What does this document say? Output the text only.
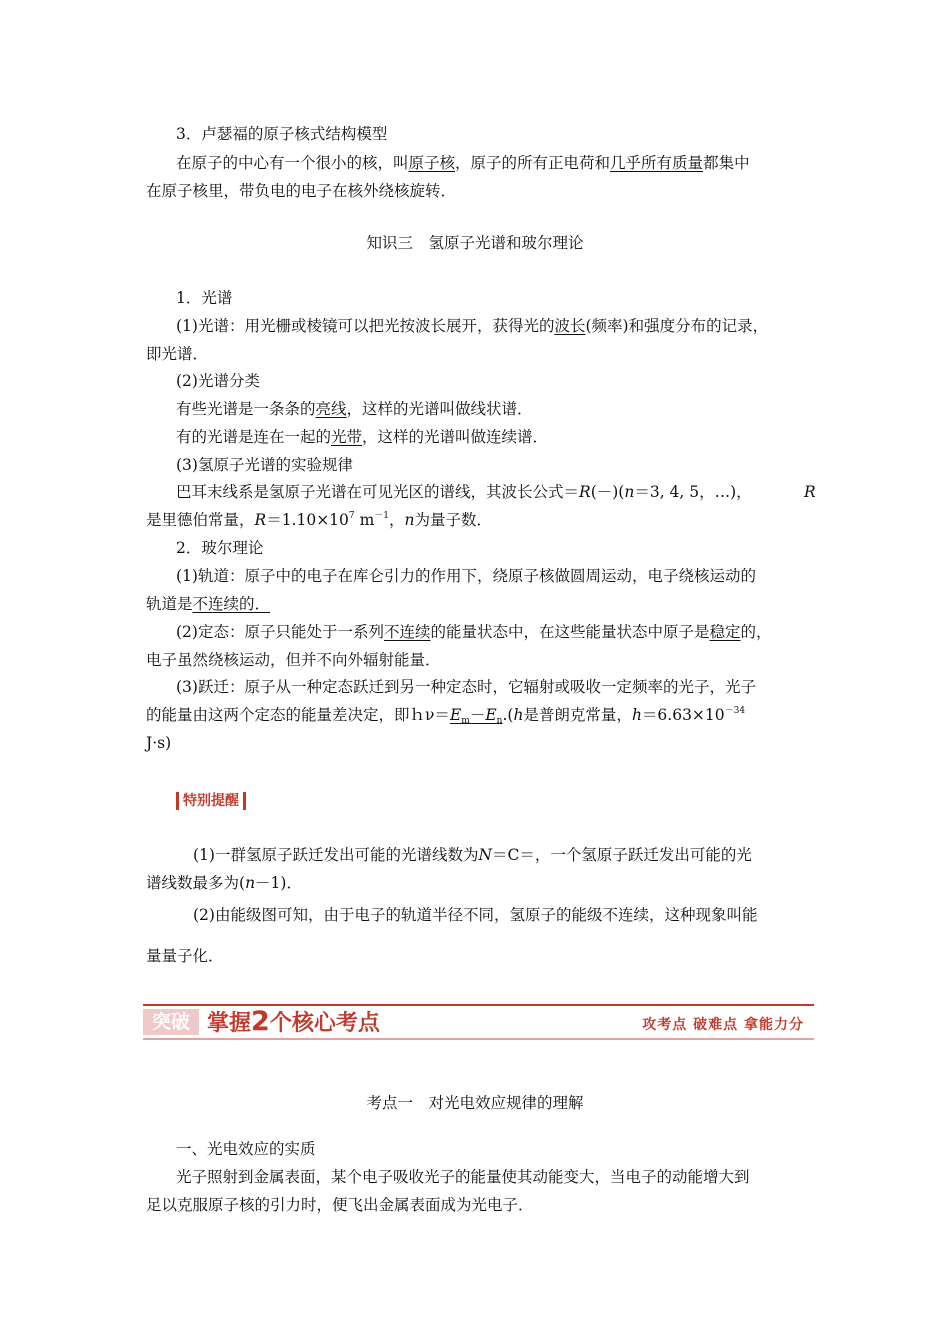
3．卢瑟福的原子核式结构模型
在原子的中心有一个很小的核，叫原子核，原子的所有正电荷和几乎所有质量都集中
在原子核里，带负电的电子在核外绕核旋转．
知识三　氢原子光谱和玻尔理论
1．光谱
(1)光谱：用光栅或棱镜可以把光按波长展开，获得光的波长(频率)和强度分布的记录，
即光谱．
(2)光谱分类
有些光谱是一条条的亮线，这样的光谱叫做线状谱．
有的光谱是连在一起的光带，这样的光谱叫做连续谱．
(3)氢原子光谱的实验规律
巴耳末线系是氢原子光谱在可见光区的谱线，其波长公式＝R(－)(n＝3, 4, 5，…)，	R
是里德伯常量，$R=1.10\times 10^7$ $m^{-1}$，n为量子数．
2．玻尔理论
(1)轨道：原子中的电子在库仑引力的作用下，绕原子核做圆周运动，电子绕核运动的
轨道是不连续的．
(2)定态：原子只能处于一系列不连续的能量状态中，在这些能量状态中原子是稳定的，
电子虽然绕核运动，但并不向外辐射能量．
(3)跃迁：原子从一种定态跃迁到另一种定态时，它辐射或吸收一定频率的光子，光子
的能量由这两个定态的能量差决定，即$h\nu=E_m-E_n.(h$是普朗克常量，$h=6.63\times 10^{-34}$
J·s)
特别提醒
(1)一群氢原子跃迁发出可能的光谱线数为N＝C＝，一个氢原子跃迁发出可能的光
谱线数最多为(n－1)．
(2)由能级图可知，由于电子的轨道半径不同，氢原子的能级不连续，这种现象叫能
量量子化．
突破 掌握2个核心考点	攻考点 破难点 拿能力分
考点一　对光电效应规律的理解
一、光电效应的实质
光子照射到金属表面，某个电子吸收光子的能量使其动能变大，当电子的动能增大到
足以克服原子核的引力时，便飞出金属表面成为光电子．
